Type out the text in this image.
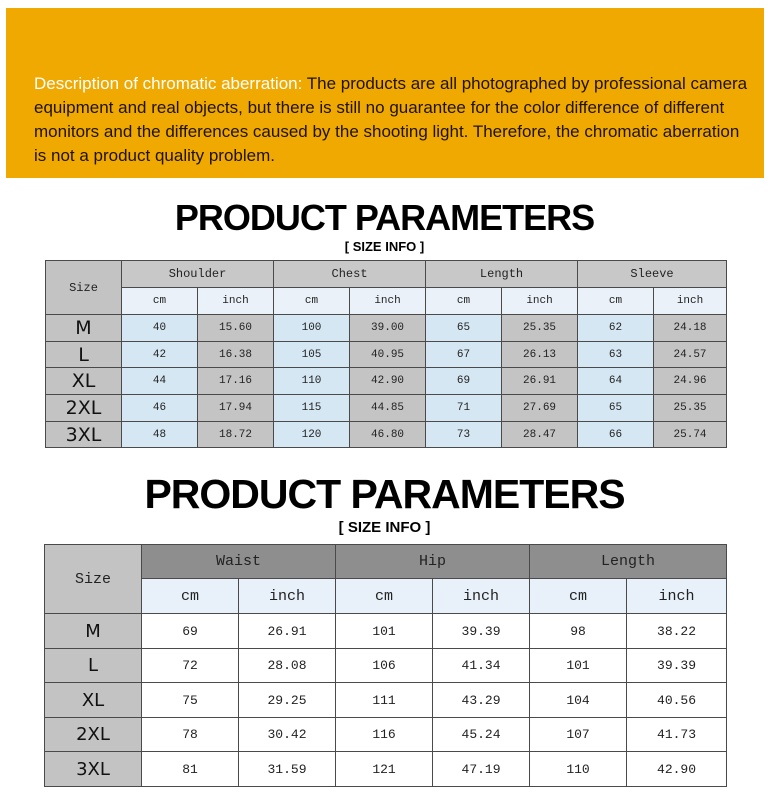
Description of chromatic aberration: The products are all photographed by professional camera equipment and real objects, but there is still no guarantee for the color difference of different monitors and the differences caused by the shooting light. Therefore, the chromatic aberration is not a product quality problem.
PRODUCT PARAMETERS
[ SIZE INFO ]
Size	Shoulder		Chest		Length		Sleeve	
	cm	inch	cm	inch	cm	inch	cm	inch
M	40	15.60	100	39.00	65	25.35	62	24.18
L	42	16.38	105	40.95	67	26.13	63	24.57
XL	44	17.16	110	42.90	69	26.91	64	24.96
2XL	46	17.94	115	44.85	71	27.69	65	25.35
3XL	48	18.72	120	46.80	73	28.47	66	25.74
PRODUCT PARAMETERS
[ SIZE INFO ]
Size	Waist		Hip		Length	
	cm	inch	cm	inch	cm	inch
M	69	26.91	101	39.39	98	38.22
L	72	28.08	106	41.34	101	39.39
XL	75	29.25	111	43.29	104	40.56
2XL	78	30.42	116	45.24	107	41.73
3XL	81	31.59	121	47.19	110	42.90
